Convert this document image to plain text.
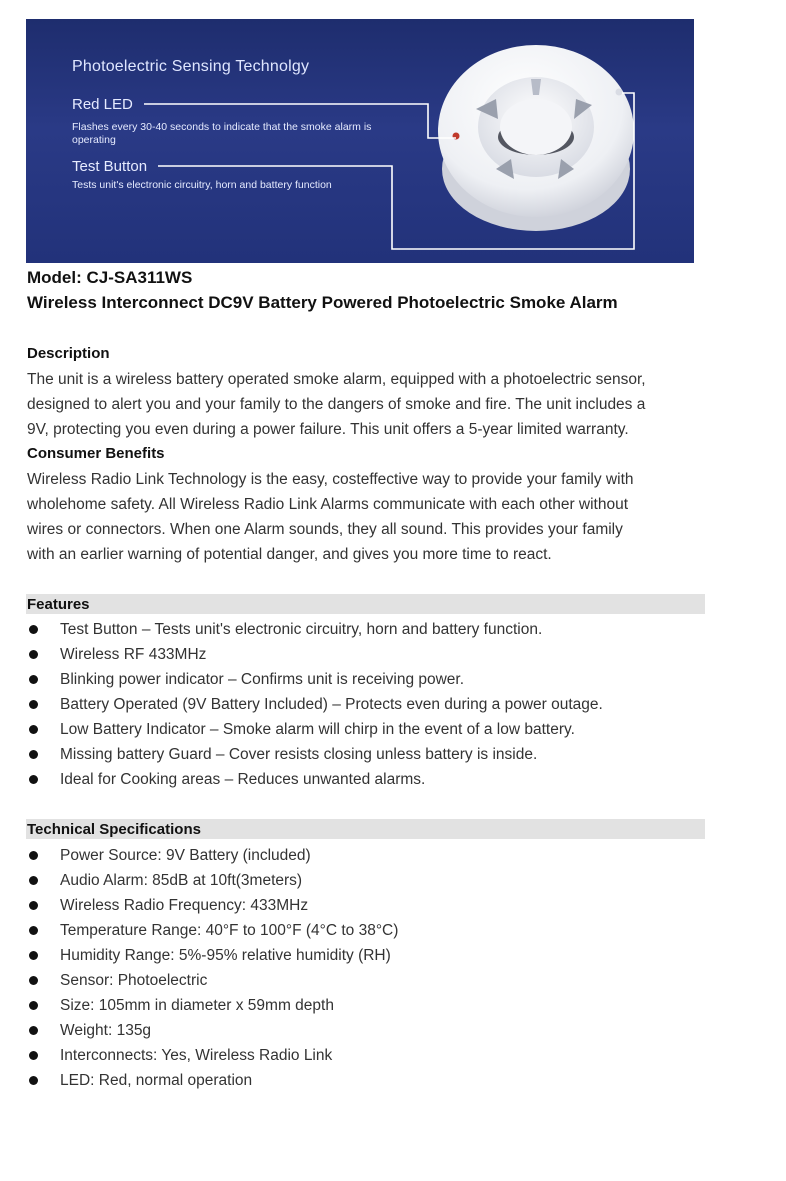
Photoelectric Sensing Technolgy
Red LED
Flashes every 30-40 seconds to indicate that the smoke alarm is
operating
Test Button
Tests unit's electronic circuitry, horn and battery function
Model: CJ-SA311WS
Wireless Interconnect DC9V Battery Powered Photoelectric Smoke Alarm
Description
The unit is a wireless battery operated smoke alarm, equipped with a photoelectric sensor,
designed to alert you and your family to the dangers of smoke and fire. The unit includes a
9V, protecting you even during a power failure. This unit offers a 5-year limited warranty.
Consumer Benefits
Wireless Radio Link Technology is the easy, costeffective way to provide your family with
wholehome safety. All Wireless Radio Link Alarms communicate with each other without
wires or connectors. When one Alarm sounds, they all sound. This provides your family
with an earlier warning of potential danger, and gives you more time to react.
Features
Test Button – Tests unit's electronic circuitry, horn and battery function.
Wireless RF 433MHz
Blinking power indicator – Confirms unit is receiving power.
Battery Operated (9V Battery Included) – Protects even during a power outage.
Low Battery Indicator – Smoke alarm will chirp in the event of a low battery.
Missing battery Guard – Cover resists closing unless battery is inside.
Ideal for Cooking areas – Reduces unwanted alarms.
Technical Specifications
Power Source: 9V Battery (included)
Audio Alarm: 85dB at 10ft(3meters)
Wireless Radio Frequency: 433MHz
Temperature Range: 40°F to 100°F (4°C to 38°C)
Humidity Range: 5%-95% relative humidity (RH)
Sensor: Photoelectric
Size: 105mm in diameter x 59mm depth
Weight: 135g
Interconnects: Yes, Wireless Radio Link
LED: Red, normal operation
